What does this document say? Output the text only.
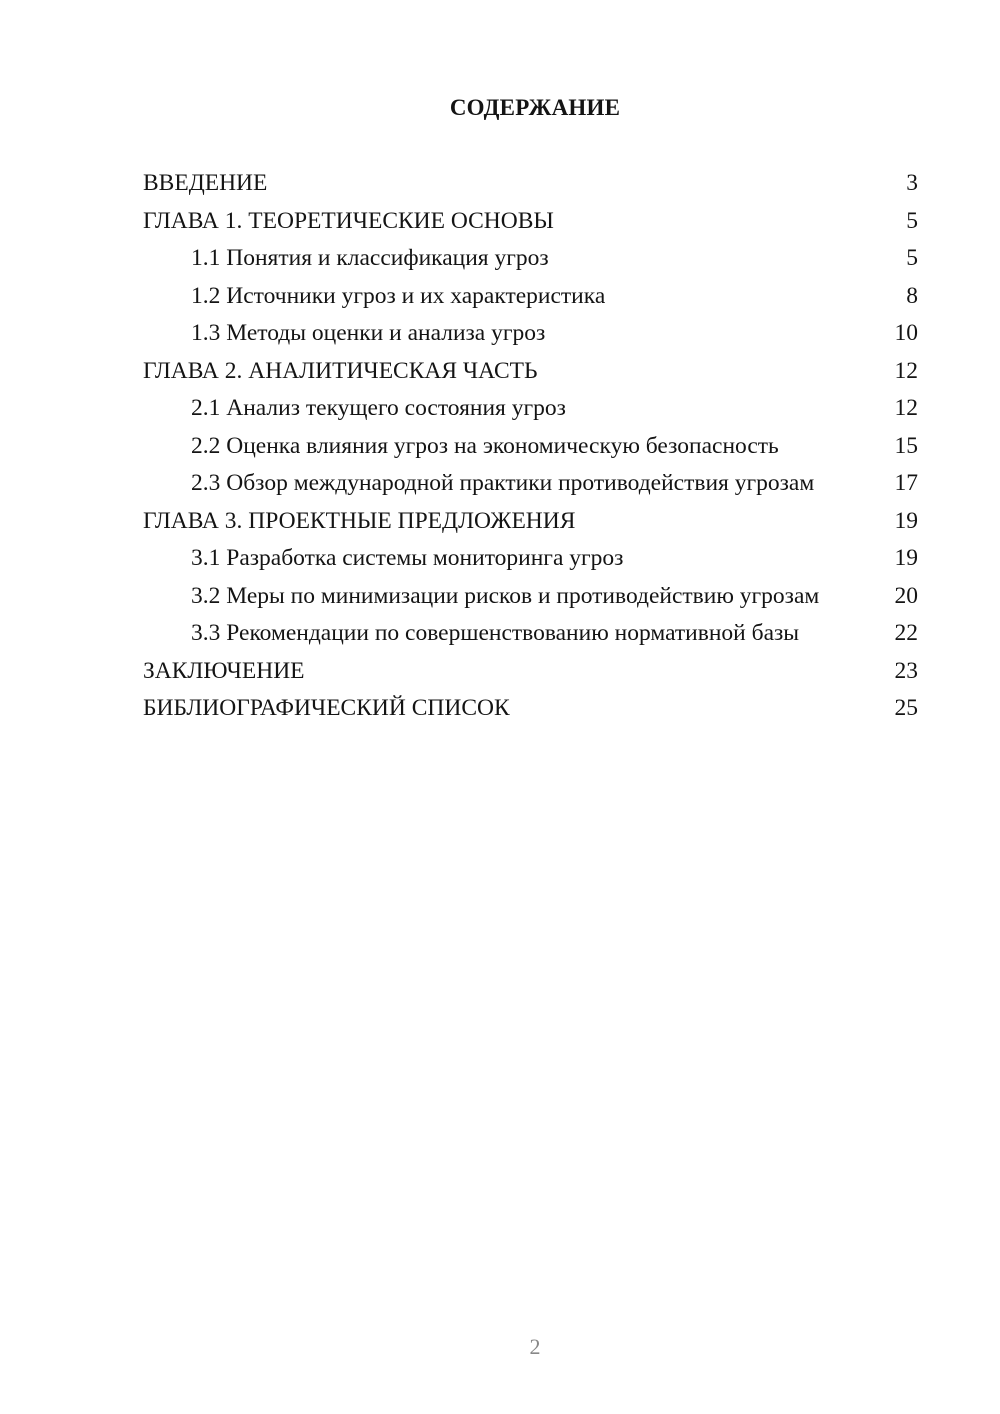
СОДЕРЖАНИЕ
ВВЕДЕНИЕ	3
ГЛАВА 1. ТЕОРЕТИЧЕСКИЕ ОСНОВЫ	5
1.1 Понятия и классификация угроз	5
1.2 Источники угроз и их характеристика	8
1.3 Методы оценки и анализа угроз	10
ГЛАВА 2. АНАЛИТИЧЕСКАЯ ЧАСТЬ	12
2.1 Анализ текущего состояния угроз	12
2.2 Оценка влияния угроз на экономическую безопасность	15
2.3 Обзор международной практики противодействия угрозам	17
ГЛАВА 3. ПРОЕКТНЫЕ ПРЕДЛОЖЕНИЯ	19
3.1 Разработка системы мониторинга угроз	19
3.2 Меры по минимизации рисков и противодействию угрозам	20
3.3 Рекомендации по совершенствованию нормативной базы	22
ЗАКЛЮЧЕНИЕ	23
БИБЛИОГРАФИЧЕСКИЙ СПИСОК	25
2
